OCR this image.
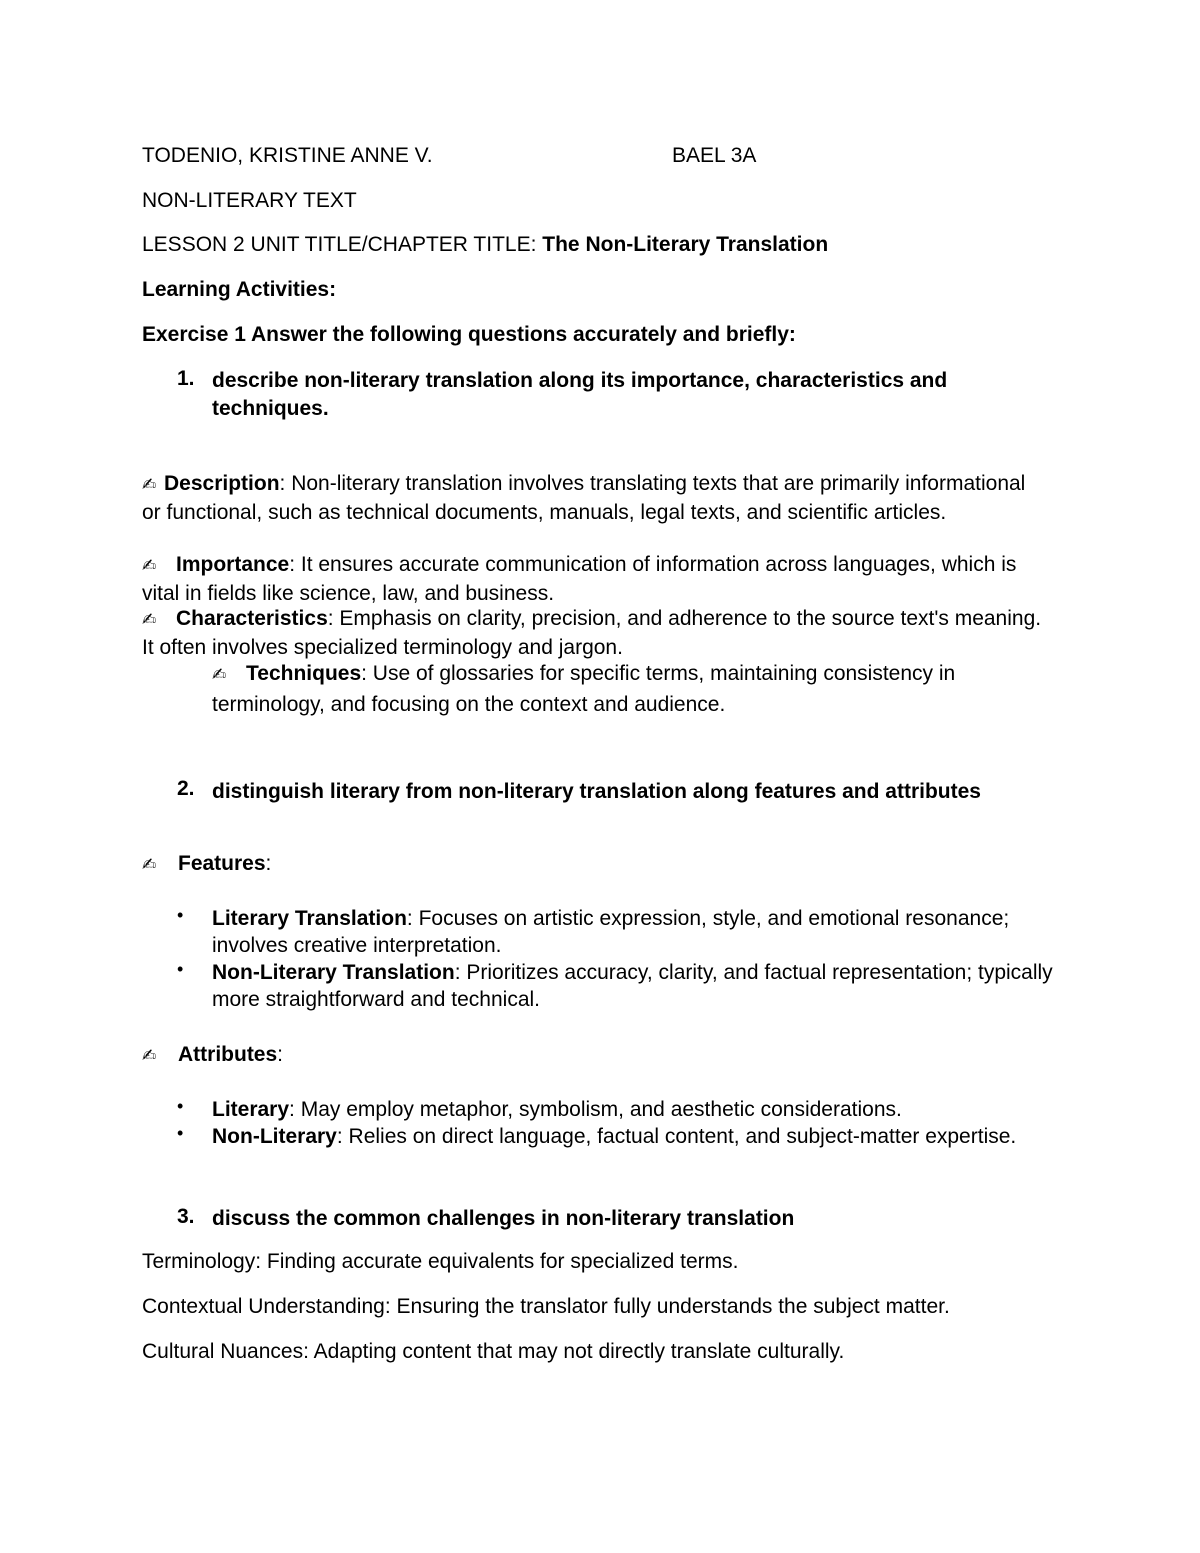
TODENIO, KRISTINE ANNE V.	BAEL 3A
NON-LITERARY TEXT
LESSON 2 UNIT TITLE/CHAPTER TITLE: The Non-Literary Translation
Learning Activities:
Exercise 1 Answer the following questions accurately and briefly:
1. describe non-literary translation along its importance, characteristics and techniques.
✍ Description: Non-literary translation involves translating texts that are primarily informational or functional, such as technical documents, manuals, legal texts, and scientific articles.
✍ Importance: It ensures accurate communication of information across languages, which is vital in fields like science, law, and business.
✍ Characteristics: Emphasis on clarity, precision, and adherence to the source text's meaning. It often involves specialized terminology and jargon.
✍ Techniques: Use of glossaries for specific terms, maintaining consistency in terminology, and focusing on the context and audience.
2. distinguish literary from non-literary translation along features and attributes
✍ Features:
• Literary Translation: Focuses on artistic expression, style, and emotional resonance; involves creative interpretation.
• Non-Literary Translation: Prioritizes accuracy, clarity, and factual representation; typically more straightforward and technical.
✍ Attributes:
• Literary: May employ metaphor, symbolism, and aesthetic considerations.
• Non-Literary: Relies on direct language, factual content, and subject-matter expertise.
3. discuss the common challenges in non-literary translation
Terminology: Finding accurate equivalents for specialized terms.
Contextual Understanding: Ensuring the translator fully understands the subject matter.
Cultural Nuances: Adapting content that may not directly translate culturally.
